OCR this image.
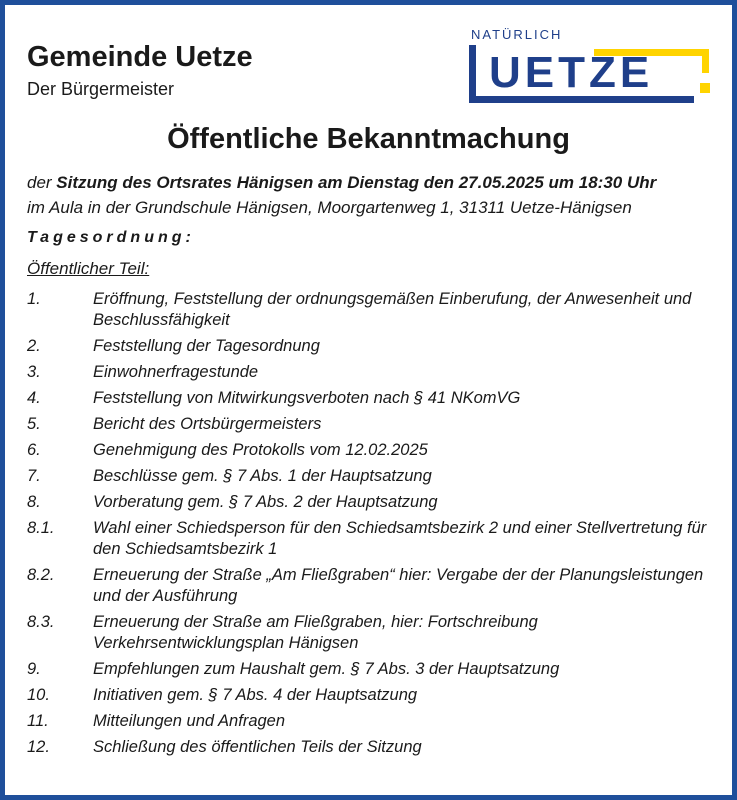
Gemeinde Uetze
Der Bürgermeister
NATÜRLICH
UETZE
Öffentliche Bekanntmachung
der Sitzung des Ortsrates Hänigsen am Dienstag den 27.05.2025 um 18:30 Uhr
im Aula in der Grundschule Hänigsen, Moorgartenweg 1, 31311 Uetze-Hänigsen
Tagesordnung:
Öffentlicher Teil:
1.	Eröffnung, Feststellung der ordnungsgemäßen Einberufung, der Anwesenheit und Beschlussfähigkeit
2.	Feststellung der Tagesordnung
3.	Einwohnerfragestunde
4.	Feststellung von Mitwirkungsverboten nach § 41 NKomVG
5.	Bericht des Ortsbürgermeisters
6.	Genehmigung des Protokolls vom 12.02.2025
7.	Beschlüsse gem. § 7 Abs. 1 der Hauptsatzung
8.	Vorberatung gem. § 7 Abs. 2 der Hauptsatzung
8.1.	Wahl einer Schiedsperson für den Schiedsamtsbezirk 2 und einer Stellvertretung für den Schiedsamtsbezirk 1
8.2.	Erneuerung der Straße „Am Fließgraben“ hier: Vergabe der der Planungsleistungen und der Ausführung
8.3.	Erneuerung der Straße am Fließgraben, hier: Fortschreibung Verkehrsentwicklungsplan Hänigsen
9.	Empfehlungen zum Haushalt gem. § 7 Abs. 3 der Hauptsatzung
10.	Initiativen gem. § 7 Abs. 4 der Hauptsatzung
11.	Mitteilungen und Anfragen
12.	Schließung des öffentlichen Teils der Sitzung
